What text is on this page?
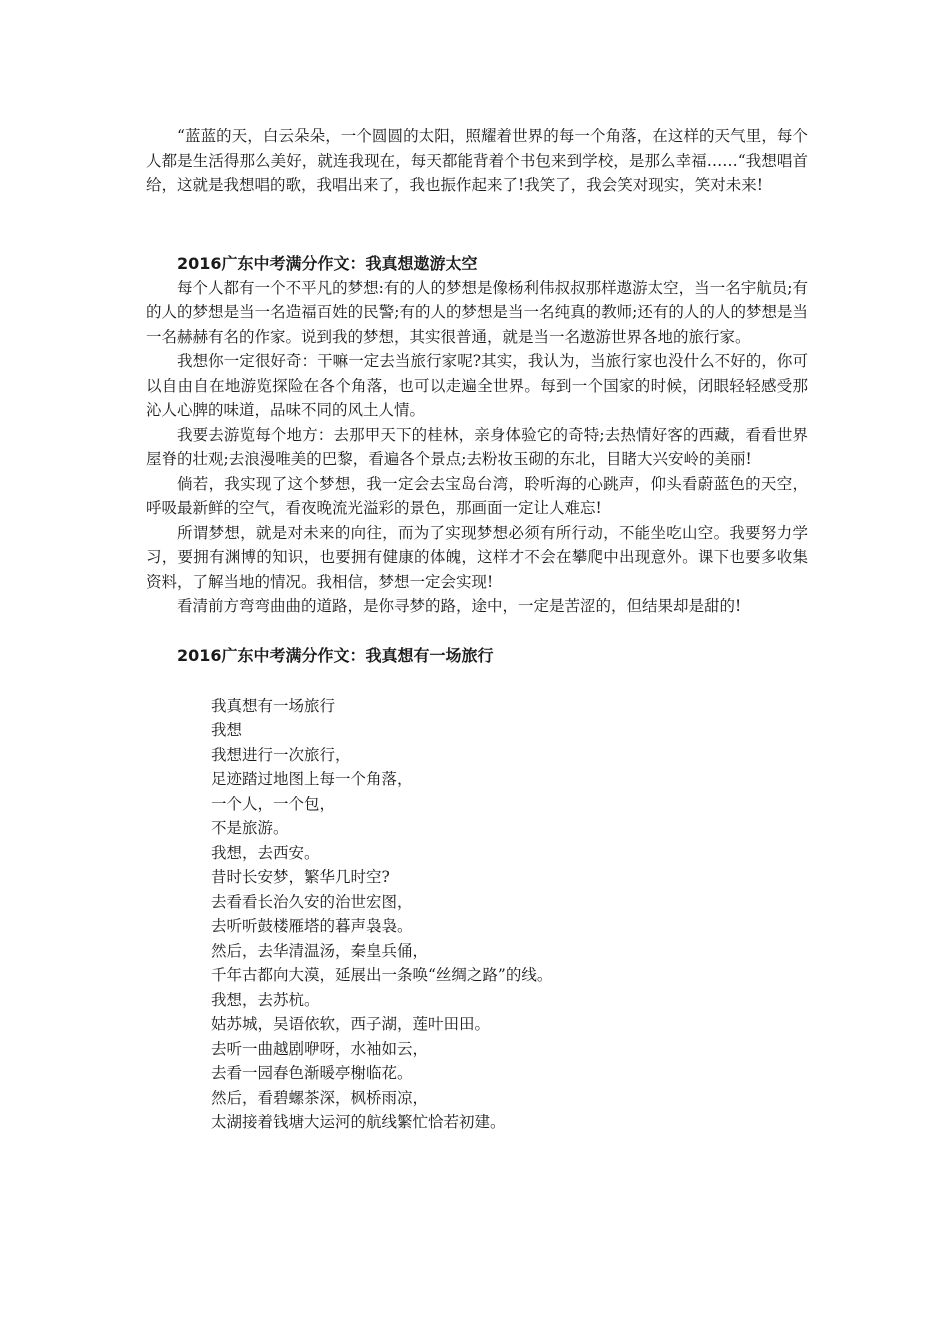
“蓝蓝的天，白云朵朵，一个圆圆的太阳，照耀着世界的每一个角落，在这样的天气里，每个人都是生活得那么美好，就连我现在，每天都能背着个书包来到学校，是那么幸福……“我想唱首给，这就是我想唱的歌，我唱出来了，我也振作起来了!我笑了，我会笑对现实，笑对未来!

2016广东中考满分作文：我真想遨游太空

每个人都有一个不平凡的梦想:有的人的梦想是像杨利伟叔叔那样遨游太空，当一名宇航员;有的人的梦想是当一名造福百姓的民警;有的人的梦想是当一名纯真的教师;还有的人的人的梦想是当一名赫赫有名的作家。说到我的梦想，其实很普通，就是当一名遨游世界各地的旅行家。

我想你一定很好奇：干嘛一定去当旅行家呢?其实，我认为，当旅行家也没什么不好的，你可以自由自在地游览探险在各个角落，也可以走遍全世界。每到一个国家的时候，闭眼轻轻感受那沁人心脾的味道，品味不同的风土人情。

我要去游览每个地方：去那甲天下的桂林，亲身体验它的奇特;去热情好客的西藏，看看世界屋脊的壮观;去浪漫唯美的巴黎，看遍各个景点;去粉妆玉砌的东北，目睹大兴安岭的美丽!

倘若，我实现了这个梦想，我一定会去宝岛台湾，聆听海的心跳声，仰头看蔚蓝色的天空，呼吸最新鲜的空气，看夜晚流光溢彩的景色，那画面一定让人难忘!

所谓梦想，就是对未来的向往，而为了实现梦想必须有所行动，不能坐吃山空。我要努力学习，要拥有渊博的知识，也要拥有健康的体魄，这样才不会在攀爬中出现意外。课下也要多收集资料，了解当地的情况。我相信，梦想一定会实现!

看清前方弯弯曲曲的道路，是你寻梦的路，途中，一定是苦涩的，但结果却是甜的!

2016广东中考满分作文：我真想有一场旅行

我真想有一场旅行

我想

我想进行一次旅行，

足迹踏过地图上每一个角落，

一个人，一个包，

不是旅游。

我想，去西安。

昔时长安梦，繁华几时空?

去看看长治久安的治世宏图，

去听听鼓楼雁塔的暮声袅袅。

然后，去华清温汤，秦皇兵俑，

千年古都向大漠，延展出一条唤“丝绸之路”的线。

我想，去苏杭。

姑苏城，吴语依软，西子湖，莲叶田田。

去听一曲越剧咿呀，水袖如云，

去看一园春色渐暖亭榭临花。

然后，看碧螺茶深，枫桥雨凉，

太湖接着钱塘大运河的航线繁忙恰若初建。
